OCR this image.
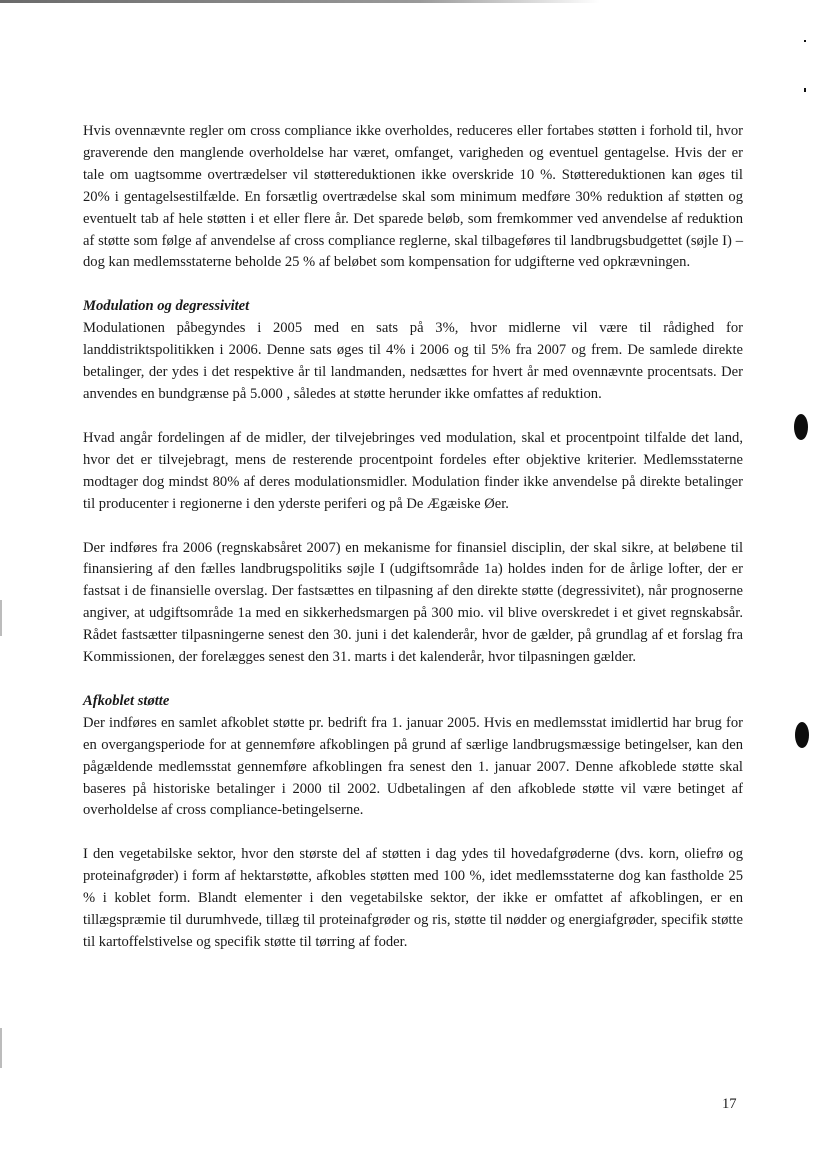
Hvis ovennævnte regler om cross compliance ikke overholdes, reduceres eller fortabes støtten i forhold til, hvor graverende den manglende overholdelse har været, omfanget, varigheden og eventuel gentagelse. Hvis der er tale om uagtsomme overtrædelser vil støttereduktionen ikke overskride 10 %. Støttereduktionen kan øges til 20% i gentagelsestilfælde. En forsætlig overtrædelse skal som minimum medføre 30% reduktion af støtten og eventuelt tab af hele støtten i et eller flere år. Det sparede beløb, som fremkommer ved anvendelse af reduktion af støtte som følge af anvendelse af cross compliance reglerne, skal tilbageføres til landbrugsbudgettet (søjle I) – dog kan medlemsstaterne beholde 25 % af beløbet som kompensation for udgifterne ved opkrævningen.

Modulation og degressivitet

Modulationen påbegyndes i 2005 med en sats på 3%, hvor midlerne vil være til rådighed for landdistriktspolitikken i 2006. Denne sats øges til 4% i 2006 og til 5% fra 2007 og frem. De samlede direkte betalinger, der ydes i det respektive år til landmanden, nedsættes for hvert år med ovennævnte procentsats. Der anvendes en bundgrænse på 5.000 , således at støtte herunder ikke omfattes af reduktion.

Hvad angår fordelingen af de midler, der tilvejebringes ved modulation, skal et procentpoint tilfalde det land, hvor det er tilvejebragt, mens de resterende procentpoint fordeles efter objektive kriterier. Medlemsstaterne modtager dog mindst 80% af deres modulationsmidler. Modulation finder ikke anvendelse på direkte betalinger til producenter i regionerne i den yderste periferi og på De Ægæiske Øer.

Der indføres fra 2006 (regnskabsåret 2007) en mekanisme for finansiel disciplin, der skal sikre, at beløbene til finansiering af den fælles landbrugspolitiks søjle I (udgiftsområde 1a) holdes inden for de årlige lofter, der er fastsat i de finansielle overslag. Der fastsættes en tilpasning af den direkte støtte (degressivitet), når prognoserne angiver, at udgiftsområde 1a med en sikkerhedsmargen på 300 mio. vil blive overskredet i et givet regnskabsår. Rådet fastsætter tilpasningerne senest den 30. juni i det kalenderår, hvor de gælder, på grundlag af et forslag fra Kommissionen, der forelægges senest den 31. marts i det kalenderår, hvor tilpasningen gælder.

Afkoblet støtte

Der indføres en samlet afkoblet støtte pr. bedrift fra 1. januar 2005. Hvis en medlemsstat imidlertid har brug for en overgangsperiode for at gennemføre afkoblingen på grund af særlige landbrugsmæssige betingelser, kan den pågældende medlemsstat gennemføre afkoblingen fra senest den 1. januar 2007. Denne afkoblede støtte skal baseres på historiske betalinger i 2000 til 2002. Udbetalingen af den afkoblede støtte vil være betinget af overholdelse af cross compliance-betingelserne.

I den vegetabilske sektor, hvor den største del af støtten i dag ydes til hovedafgrøderne (dvs. korn, oliefrø og proteinafgrøder) i form af hektarstøtte, afkobles støtten med 100 %, idet medlemsstaterne dog kan fastholde 25 % i koblet form. Blandt elementer i den vegetabilske sektor, der ikke er omfattet af afkoblingen, er en tillægspræmie til durumhvede, tillæg til proteinafgrøder og ris, støtte til nødder og energiafgrøder, specifik støtte til kartoffelstivelse og specifik støtte til tørring af foder.

17
